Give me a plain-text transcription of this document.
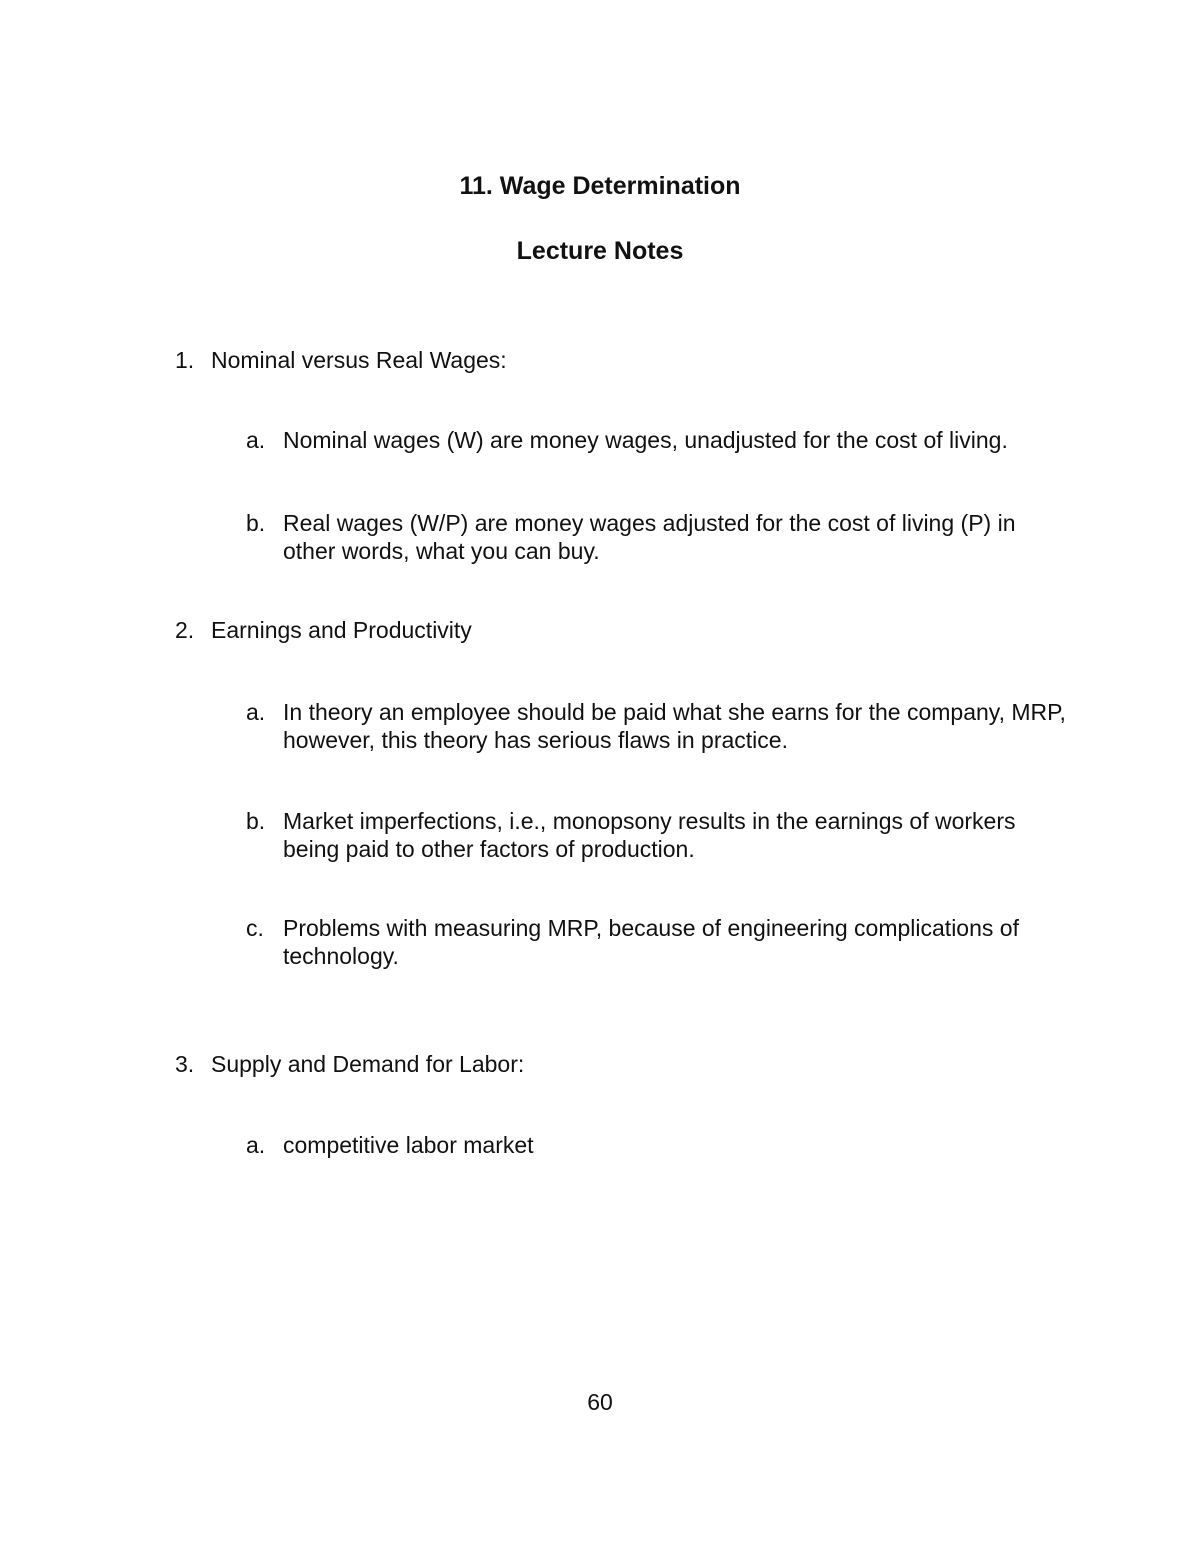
11. Wage Determination
Lecture Notes
1. Nominal versus Real Wages:
a. Nominal wages (W) are money wages, unadjusted for the cost of living.
b. Real wages (W/P) are money wages adjusted for the cost of living (P) in other words, what you can buy.
2. Earnings and Productivity
a. In theory an employee should be paid what she earns for the company, MRP, however, this theory has serious flaws in practice.
b. Market imperfections, i.e., monopsony results in the earnings of workers being paid to other factors of production.
c. Problems with measuring MRP, because of engineering complications of technology.
3. Supply and Demand for Labor:
a. competitive labor market
60
